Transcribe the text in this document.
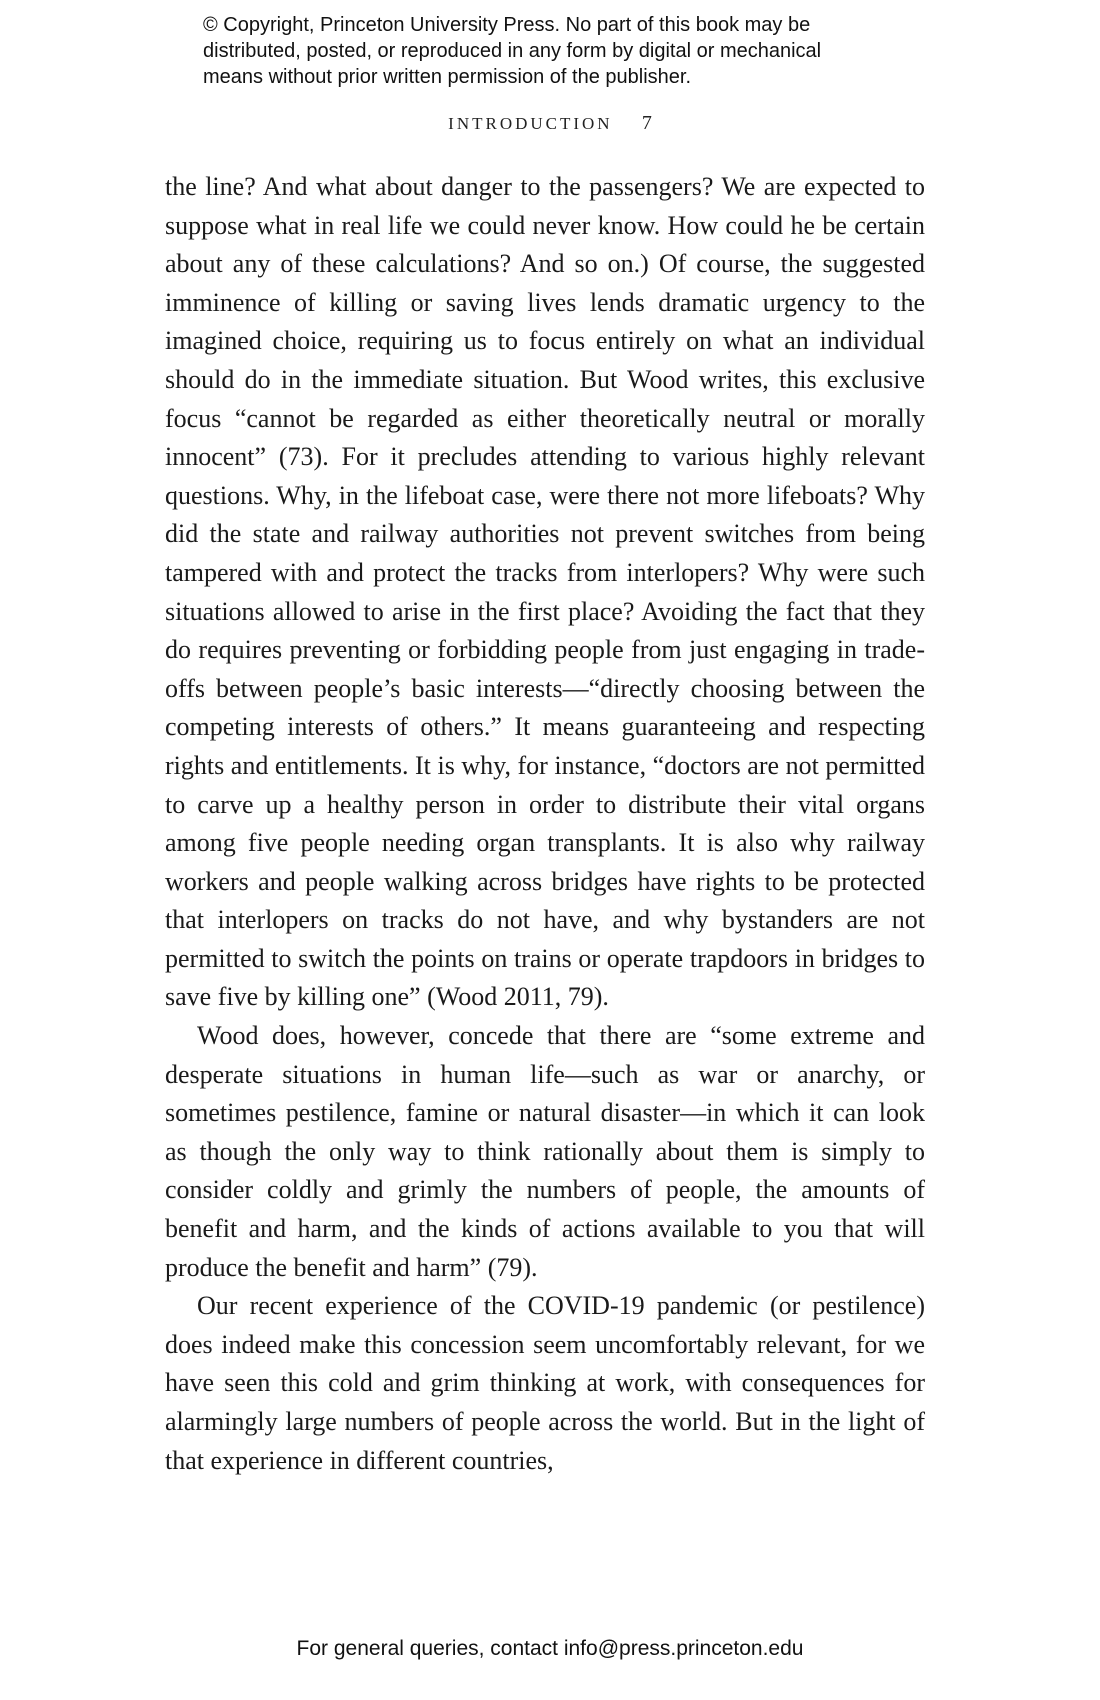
© Copyright, Princeton University Press. No part of this book may be
distributed, posted, or reproduced in any form by digital or mechanical
means without prior written permission of the publisher.
INTRODUCTION 7

the line? And what about danger to the passengers? We are expected to suppose what in real life we could never know. How could he be certain about any of these calculations? And so on.) Of course, the suggested imminence of killing or saving lives lends dramatic urgency to the imagined choice, requiring us to focus entirely on what an individual should do in the immediate situation. But Wood writes, this exclusive focus “cannot be regarded as either theoretically neutral or morally innocent” (73). For it precludes attending to various highly relevant questions. Why, in the lifeboat case, were there not more lifeboats? Why did the state and railway authorities not prevent switches from being tampered with and protect the tracks from interlopers? Why were such situations allowed to arise in the first place? Avoiding the fact that they do requires preventing or forbidding people from just engaging in trade-offs between people’s basic interests—“directly choosing between the competing interests of others.” It means guaranteeing and respecting rights and entitlements. It is why, for instance, “doctors are not permitted to carve up a healthy person in order to distribute their vital organs among five people needing organ transplants. It is also why railway workers and people walking across bridges have rights to be protected that interlopers on tracks do not have, and why bystanders are not permitted to switch the points on trains or operate trapdoors in bridges to save five by killing one” (Wood 2011, 79).

Wood does, however, concede that there are “some extreme and desperate situations in human life—such as war or anarchy, or sometimes pestilence, famine or natural disaster—in which it can look as though the only way to think rationally about them is simply to consider coldly and grimly the numbers of people, the amounts of benefit and harm, and the kinds of actions available to you that will produce the benefit and harm” (79).

Our recent experience of the COVID-19 pandemic (or pestilence) does indeed make this concession seem uncomfortably relevant, for we have seen this cold and grim thinking at work, with consequences for alarmingly large numbers of people across the world. But in the light of that experience in different countries,

For general queries, contact info@press.princeton.edu
